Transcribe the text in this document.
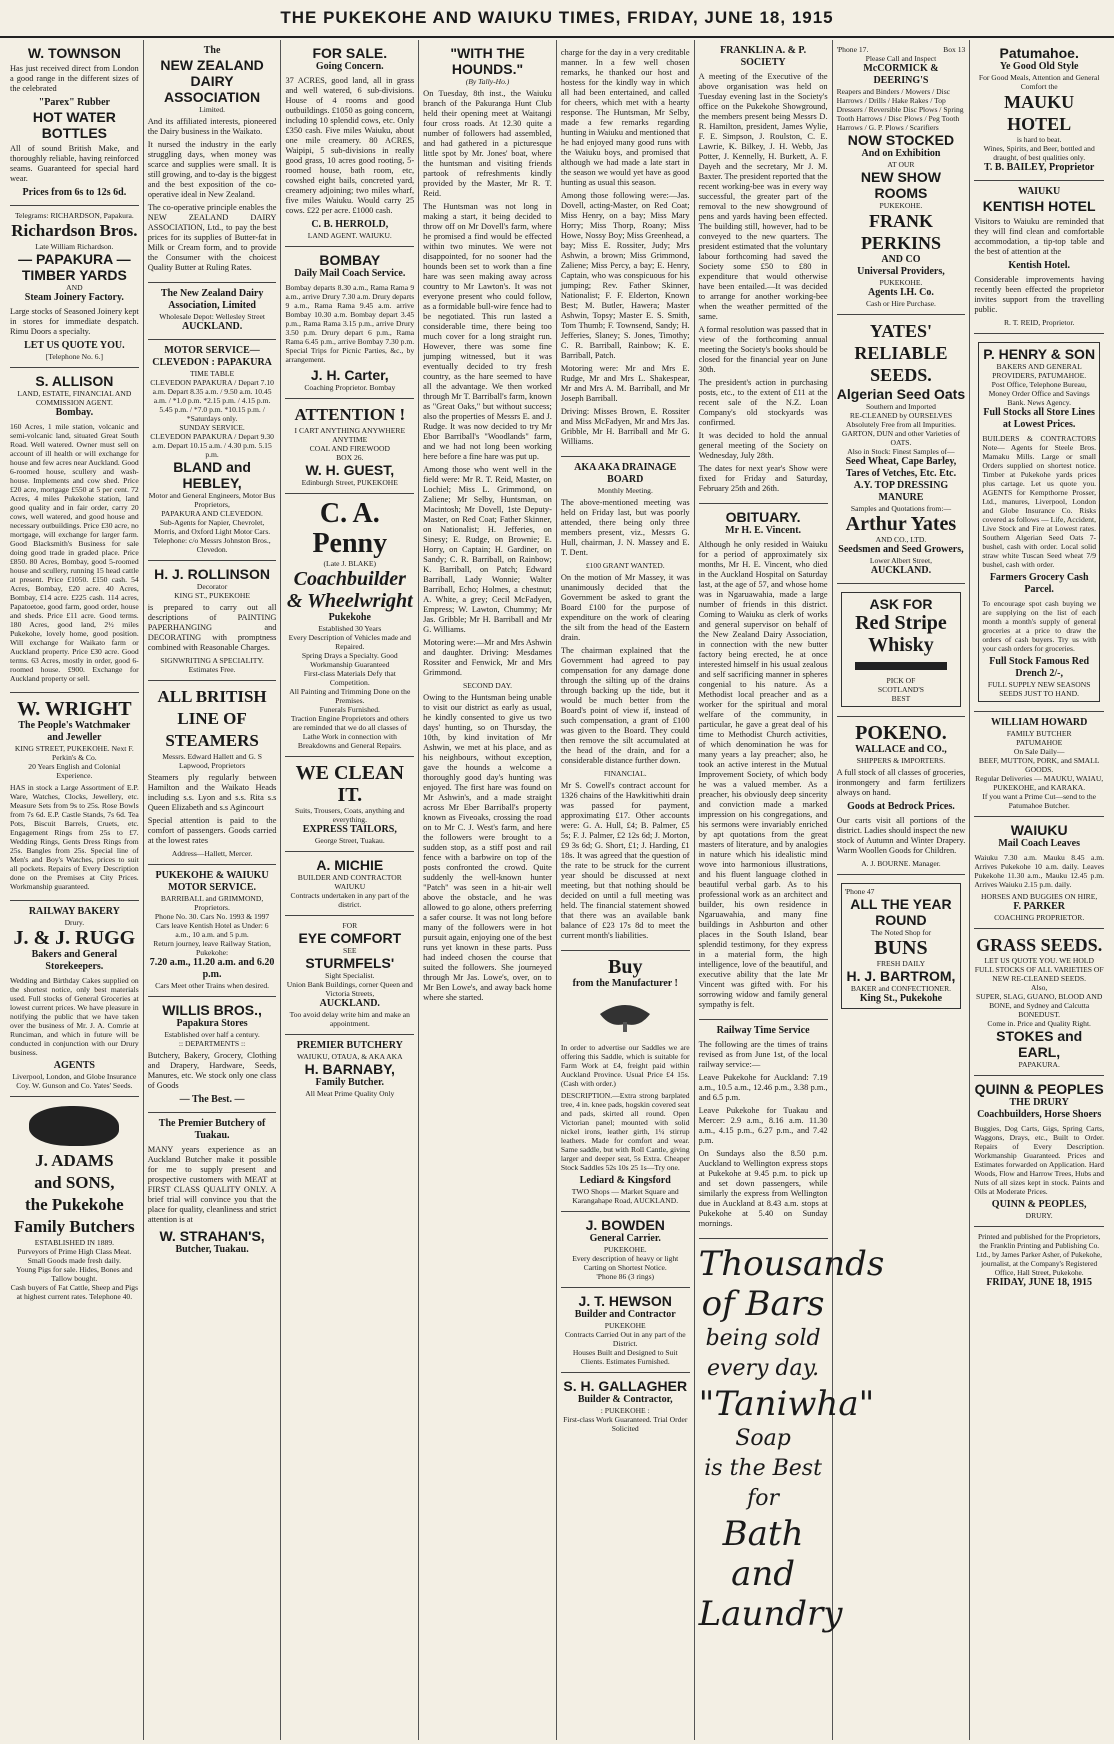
THE PUKEKOHE AND WAIUKU TIMES, FRIDAY, JUNE 18, 1915
W. TOWNSON
Has just received direct from London a good range in the different sizes of the celebrated
"Parex" Rubber
HOT WATER BOTTLES
All of sound British Make, and thoroughly reliable, having reinforced seams. Guaranteed for special hard wear.
Prices from 6s to 12s 6d.
Telegrams: RICHARDSON, Papakura.
Richardson Bros.
Late William Richardson.
— PAPAKURA —
TIMBER YARDS
AND
Steam Joinery Factory.
Large stocks of Seasoned Joinery kept in stores for immediate despatch. Rimu Doors a specialty.
LET US QUOTE YOU.
[Telephone No. 6.]
S. ALLISON
LAND, ESTATE, FINANCIAL AND COMMISSION AGENT.
Bombay.
160 Acres, 1 mile station, volcanic and semi-volcanic land, situated Great South Road. Well watered. Owner must sell on account of ill health or will exchange for house and few acres near Auckland. Good 6-roomed house, scullery and wash-house. Implements and cow shed. Price £20 acre, mortgage £550 at 5 per cent. 72 Acres, 4 miles Pukekohe station, land good quality and in fair order, carry 20 cows, well watered, and good house and necessary outbuildings. Price £30 acre, no mortgage, will exchange for larger farm. Good Blacksmith's Business for sale doing good trade in graded place. Price £850. 80 Acres, Bombay, good 5-roomed house and scullery, running 15 head cattle at present. Price £1050. £150 cash. 54 Acres, Bombay, £20 acre. 40 Acres, Bombay, £14 acre. £225 cash. 114 acres, Papatoetoe, good farm, good order, house and sheds. Price £11 acre. Good terms. 180 Acres, good land, 2½ miles Pukekohe, lovely home, good position. Will exchange for Waikato farm or Auckland property. Price £30 acre. Good terms. 63 Acres, mostly in order, good 6-roomed house. £900. Exchange for Auckland property or sell.
W. WRIGHT
The People's Watchmaker and Jeweller
KING STREET, PUKEKOHE. Next F. Perkin's & Co.
20 Years English and Colonial Experience.
HAS in stock a Large Assortment of E.P. Ware, Watches, Clocks, Jewellery, etc. Measure Sets from 9s to 25s. Rose Bowls from 7s 6d. E.P. Castle Stands, 7s 6d. Tea Pots, Biscuit Barrels, Cruets, etc. Engagement Rings from 25s to £7. Wedding Rings, Gents Dress Rings from 25s. Bangles from 25s. Special line of Men's and Boy's Watches, prices to suit all pockets. Repairs of Every Description done on the Premises at City Prices. Workmanship guaranteed.
RAILWAY BAKERY
Drury.
J. & J. RUGG
Bakers and General Storekeepers.
Wedding and Birthday Cakes supplied on the shortest notice, only best materials used. Full stocks of General Groceries at lowest current prices. We have pleasure in notifying the public that we have taken over the business of Mr. J. A. Comrie at Runciman, and which in future will be conducted in conjunction with our Drury business.
AGENTS
Liverpool, London, and Globe Insurance Coy. W. Gunson and Co. Yates' Seeds.
J. ADAMS
and SONS,
the Pukekohe
Family Butchers
ESTABLISHED IN 1889.
Purveyors of Prime High Class Meat.
Small Goods made fresh daily.
Young Pigs for sale. Hides, Bones and Tallow bought.
Cash buyers of Fat Cattle, Sheep and Pigs at highest current rates. Telephone 40.
The
NEW ZEALAND DAIRY ASSOCIATION
Limited.
And its affiliated interests, pioneered the Dairy business in the Waikato.
It nursed the industry in the early struggling days, when money was scarce and supplies were small. It is still growing, and to-day is the biggest and the best exposition of the co-operative ideal in New Zealand.
The co-operative principle enables the NEW ZEALAND DAIRY ASSOCIATION, Ltd., to pay the best prices for its supplies of Butter-fat in Milk or Cream form, and to provide the Consumer with the choicest Quality Butter at Ruling Rates.
The New Zealand Dairy Association, Limited
Wholesale Depot: Wellesley Street
AUCKLAND.
MOTOR SERVICE—
CLEVEDON : PAPAKURA
TIME TABLE
CLEVEDON PAPAKURA / Depart 7.10 a.m. Depart 8.35 a.m. / 9.50 a.m. 10.45 a.m. / *1.0 p.m. *2.15 p.m. / 4.15 p.m. 5.45 p.m. / *7.0 p.m. *10.15 p.m. / *Saturdays only.
SUNDAY SERVICE.
CLEVEDON PAPAKURA / Depart 9.30 a.m. Depart 10.15 a.m. / 4.30 p.m. 5.15 p.m.
BLAND and HEBLEY,
Motor and General Engineers, Motor Bus Proprietors,
PAPAKURA AND CLEVEDON.
Sub-Agents for Napier, Chevrolet, Morris, and Oxford Light Motor Cars.
Telephone: c/o Messrs Johnston Bros., Clevedon.
H. J. ROLLINSON
Decorator
KING ST., PUKEKOHE
is prepared to carry out all descriptions of PAINTING PAPERHANGING and DECORATING with promptness combined with Reasonable Charges.
SIGNWRITING A SPECIALITY.
Estimates Free.
ALL BRITISH LINE OF STEAMERS
Messrs. Edward Hallett and G. S Lapwood, Proprietors
Steamers ply regularly between Hamilton and the Waikato Heads including s.s. Lyon and s.s. Rita s.s Queen Elizabeth and s.s Agincourt
Special attention is paid to the comfort of passengers. Goods carried at the lowest rates
Address—Hallett, Mercer.
PUKEKOHE & WAIUKU MOTOR SERVICE.
BARRIBALL and GRIMMOND, Proprietors.
Phone No. 30. Cars No. 1993 & 1997
Cars leave Kentish Hotel as Under: 6 a.m., 10 a.m. and 5 p.m.
Return journey, leave Railway Station, Pukekohe:
7.20 a.m., 11.20 a.m. and 6.20 p.m.
Cars Meet other Trains when desired.
WILLIS BROS.,
Papakura Stores
Established over half a century.
:: DEPARTMENTS ::
Butchery, Bakery, Grocery, Clothing and Drapery, Hardware, Seeds, Manures, etc. We stock only one class of Goods
— The Best. —
The Premier Butchery of Tuakau.
MANY years experience as an Auckland Butcher make it possible for me to supply present and prospective customers with MEAT at FIRST CLASS QUALITY ONLY. A brief trial will convince you that the place for quality, cleanliness and strict attention is at
W. STRAHAN'S,
Butcher, Tuakau.
FOR SALE.
Going Concern.
37 ACRES, good land, all in grass and well watered, 6 sub-divisions. House of 4 rooms and good outbuildings. £1050 as going concern, including 10 splendid cows, etc. Only £350 cash. Five miles Waiuku, about one mile creamery. 80 ACRES, Waipipi, 5 sub-divisions in really good grass, 10 acres good rooting, 5-roomed house, bath room, etc, cowshed eight bails, concreted yard, creamery adjoining; two miles wharf, five miles Waiuku. Would carry 25 cows. £22 per acre. £1000 cash.
C. B. HERROLD,
LAND AGENT. WAIUKU.
BOMBAY
Daily Mail Coach Service.
Bombay departs 8.30 a.m., Rama Rama 9 a.m., arrive Drury 7.30 a.m. Drury departs 9 a.m., Rama Rama 9.45 a.m. arrive Bombay 10.30 a.m. Bombay depart 3.45 p.m., Rama Rama 3.15 p.m., arrive Drury 3.50 p.m. Drury depart 6 p.m., Rama Rama 6.45 p.m., arrive Bombay 7.30 p.m. Special Trips for Picnic Parties, &c., by arrangement.
J. H. Carter,
Coaching Proprietor. Bombay
ATTENTION !
I CART ANYTHING ANYWHERE ANYTIME
COAL AND FIREWOOD
BOX 26.
W. H. GUEST,
Edinburgh Street, PUKEKOHE
C. A. Penny
(Late J. BLAKE)
Coachbuilder
& Wheelwright
Pukekohe
Established 30 Years
Every Description of Vehicles made and Repaired.
Spring Drays a Specialty. Good Workmanship Guaranteed
First-class Materials Defy that Competition.
All Painting and Trimming Done on the Premises.
Funerals Furnished.
Traction Engine Proprietors and others are reminded that we do all classes of Lathe Work in connection with Breakdowns and General Repairs.
WE CLEAN IT.
Suits, Trousers, Coats, anything and everything.
EXPRESS TAILORS,
George Street, Tuakau.
A. MICHIE
BUILDER AND CONTRACTOR WAIUKU
Contracts undertaken in any part of the district.
FOR
EYE COMFORT
SEE
STURMFELS'
Sight Specialist.
Union Bank Buildings, corner Queen and Victoria Streets,
AUCKLAND.
Too avoid delay write him and make an appointment.
PREMIER BUTCHERY
WAIUKU, OTAUA, & AKA AKA
H. BARNABY,
Family Butcher.
All Meat Prime Quality Only
"WITH THE HOUNDS."
(By Tally-Ho.)
On Tuesday, 8th inst., the Waiuku branch of the Pakuranga Hunt Club held their opening meet at Waitangi four cross roads. At 12.30 quite a number of followers had assembled, and had gathered in a picturesque little spot by Mr. Jones' boat, where the huntsman and visiting friends partook of refreshments kindly provided by the Master, Mr R. T. Reid.
The Huntsman was not long in making a start, it being decided to throw off on Mr Dovell's farm, where he promised a find would be effected within two minutes. We were not disappointed, for no sooner had the hounds been set to work than a fine hare was seen making away across country to Mr Lawton's. It was not everyone present who could follow, as a formidable bull-wire fence had to be negotiated. This run lasted a considerable time, there being too much cover for a long straight run. However, there was some fine jumping witnessed, but it was eventually decided to try fresh country, as the hare seemed to have all the advantage. We then worked through Mr T. Barriball's farm, known as "Great Oaks," but without success; also the properties of Messrs E. and J. Rudge. It was now decided to try Mr Ebor Barriball's "Woodlands" farm, and we had not long been working here before a fine hare was put up.
Among those who went well in the field were: Mr R. T. Reid, Master, on Lochiel; Miss L. Grimmond, on Zaliene; Mr Selby, Huntsman, on Macintosh; Mr Dovell, 1ste Deputy-Master, on Red Coat; Father Skinner, on Nationalist; H. Jefferies, on Sinesy; E. Rudge, on Brownie; E. Horry, on Captain; H. Gardiner, on Sandy; C. R. Barriball, on Rainbow; K. Barriball, on Patch; Edward Barriball, Lady Wonnie; Walter Barriball, Echo; Holmes, a chestnut; A. White, a grey; Cecil McFadyen, Empress; W. Lawton, Chummy; Mr Jas. Gribble; Mr H. Barriball and Mr G. Williams.
Motoring were:—Mr and Mrs Ashwin and daughter. Driving: Mesdames Rossiter and Fenwick, Mr and Mrs Grimmond.
SECOND DAY.
Owing to the Huntsman being unable to visit our district as early as usual, he kindly consented to give us two days' hunting, so on Thursday, the 10th, by kind invitation of Mr Ashwin, we met at his place, and as his neighbours, without exception, gave the hounds a welcome a thoroughly good day's hunting was enjoyed. The first hare was found on Mr Ashwin's, and a made straight across Mr Eber Barriball's property known as Fiveoaks, crossing the road on to Mr C. J. West's farm, and here the followers were brought to a sudden stop, as a stiff post and rail fence with a barbwire on top of the posts confronted the crowd. Quite suddenly the well-known hunter "Patch" was seen in a hit-air well above the obstacle, and he was allowed to go alone, others preferring a safer course. It was not long before many of the followers were in hot pursuit again, enjoying one of the best runs yet known in these parts. Puss had indeed chosen the course that suited the followers. She journeyed through Mr Jas. Lowe's, over, on to Mr Ben Lowe's, and away back home where she started.
charge for the day in a very creditable manner. In a few well chosen remarks, he thanked our host and hostess for the kindly way in which all had been entertained, and called for cheers, which met with a hearty response. The Huntsman, Mr Selby, made a few remarks regarding hunting in Waiuku and mentioned that he had enjoyed many good runs with the Waiuku boys, and promised that although we had made a late start in the season we would yet have as good hunting as usual this season.
Among those following were:—Jas. Dovell, acting-Master, on Red Coat; Miss Henry, on a bay; Miss Mary Horry; Miss Thorp, Roany; Miss Howe, Nossy Boy; Miss Greenhead, a bay; Miss E. Rossiter, Judy; Mrs Ashwin, a brown; Miss Grimmond, Zaliene; Miss Percy, a bay; E. Henry, Captain, who was conspicuous for his jumping; Rev. Father Skinner, Nationalist; F. F. Elderton, Known Best; M. Butler, Hawera; Master Ashwin, Topsy; Master E. S. Smith, Tom Thumb; F. Townsend, Sandy; H. Jefferies, Slaney; S. Jones, Timothy; C. R. Barriball, Rainbow; K. E. Barriball, Patch.
Motoring were: Mr and Mrs E. Rudge, Mr and Mrs L. Shakespear, Mr and Mrs A. M. Barriball, and Mr Joseph Barriball.
Driving: Misses Brown, E. Rossiter and Miss McFadyen, Mr and Mrs Jas. Gribble, Mr H. Barriball and Mr G. Williams.
AKA AKA DRAINAGE BOARD
Monthly Meeting.
The above-mentioned meeting was held on Friday last, but was poorly attended, there being only three members present, viz., Messrs G. Hull, chairman, J. N. Massey and E. T. Dent.
£100 GRANT WANTED.
On the motion of Mr Massey, it was unanimously decided that the Government be asked to grant the Board £100 for the purpose of expenditure on the work of clearing the silt from the head of the Eastern drain.
The chairman explained that the Government had agreed to pay compensation for any damage done through the silting up of the drains through backing up the tide, but it would be much better from the Board's point of view if, instead of such compensation, a grant of £100 was given to the Board. They could then remove the silt accumulated at the head of the drain, and for a considerable distance further down.
FINANCIAL.
Mr S. Cowell's contract account for 1326 chains of the Hawkitiwhiti drain was passed for payment, approximating £17. Other accounts were: G. A. Hull, £4; B. Palmer, £5 5s; F. J. Palmer, £2 12s 6d; J. Morton, £9 3s 6d; G. Short, £1; J. Harding, £1 18s. It was agreed that the question of the rate to be struck for the current year should be discussed at next meeting, but that nothing should be decided on until a full meeting was held. The financial statement showed that there was an available bank balance of £23 17s 8d to meet the current month's liabilities.
Buy
from the Manufacturer !
In order to advertise our Saddles we are offering this Saddle, which is suitable for Farm Work at £4, freight paid within Auckland Province. Usual Price £4 15s. (Cash with order.)
DESCRIPTION.—Extra strong barplated tree, 4 in. knee pads, hogskin covered seat and pads, skirted all round. Open Victorian panel; mounted with solid nickel irons, leather girth, 1¼ stirrup leathers. Made for comfort and wear. Same saddle, but with Roll Cantle, giving larger and deeper seat, 5s Extra. Cheaper Stock Saddles 52s 10s 25 1s—Try one.
Lediard & Kingsford
TWO Shops — Market Square and Karangahape Road, AUCKLAND.
J. BOWDEN
General Carrier.
PUKEKOHE.
Every description of heavy or light Carting on Shortest Notice.
'Phone 86 (3 rings)
J. T. HEWSON
Builder and Contractor
PUKEKOHE
Contracts Carried Out in any part of the District.
Houses Built and Designed to Suit Clients. Estimates Furnished.
S. H. GALLAGHER
Builder & Contractor,
: PUKEKOHE :
First-class Work Guaranteed. Trial Order Solicited
FRANKLIN A. & P. SOCIETY
A meeting of the Executive of the above organisation was held on Tuesday evening last in the Society's office on the Pukekohe Showground, the members present being Messrs D. R. Hamilton, president, James Wylie, F. E. Simpson, J. Roulston, C. E. Lawrie, K. Bilkey, J. H. Webb, Jas Potter, J. Kennelly, H. Burkett, A. F. Dayeh and the secretary, Mr J. M. Baxter. The president reported that the recent working-bee was in every way successful, the greater part of the removal to the new showground of pens and yards having been effected. The building still, however, had to be conveyed to the new quarters. The president estimated that the voluntary labour forthcoming had saved the Society some £50 to £80 in expenditure that would otherwise have been entailed.—It was decided to arrange for another working-bee when the weather permitted of the same.
A formal resolution was passed that in view of the forthcoming annual meeting the Society's books should be closed for the financial year on June 30th.
The president's action in purchasing posts, etc., to the extent of £11 at the recent sale of the N.Z. Loan Company's old stockyards was confirmed.
It was decided to hold the annual general meeting of the Society on Wednesday, July 28th.
The dates for next year's Show were fixed for Friday and Saturday, February 25th and 26th.
OBITUARY.
Mr H. E. Vincent.
Although he only resided in Waiuku for a period of approximately six months, Mr H. E. Vincent, who died in the Auckland Hospital on Saturday last, at the age of 57, and whose home was in Ngaruawahia, made a large number of friends in this district. Coming to Waiuku as clerk of works and general supervisor on behalf of the New Zealand Dairy Association, in connection with the new butter factory being erected, he at once interested himself in his usual zealous and self sacrificing manner in spheres congenial to his nature. As a Methodist local preacher and as a worker for the spiritual and moral welfare of the community, in particular, he gave a great deal of his time to Methodist Church activities, of which denomination he was for many years a lay preacher; also, he took an active interest in the Mutual Improvement Society, of which body he was a valued member. As a preacher, his obviously deep sincerity and conviction made a marked impression on his congregations, and his sermons were invariably enriched by apt quotations from the great masters of literature, and by analogies in nature which his idealistic mind wove into harmonious illustrations, and his fluent language clothed in beautiful verbal garb. As to his professional work as an architect and builder, his own residence in Ngaruawahia, and many fine buildings in Ashburton and other places in the South Island, bear splendid testimony, for they express in a material form, the high intelligence, love of the beautiful, and executive ability that the late Mr Vincent was gifted with. For his sorrowing widow and family general sympathy is felt.
Railway Time Service
The following are the times of trains revised as from June 1st, of the local railway service:—
Leave Pukekohe for Auckland: 7.19 a.m., 10.5 a.m., 12.46 p.m., 3.38 p.m., and 6.5 p.m.
Leave Pukekohe for Tuakau and Mercer: 2.9 a.m., 8.16 a.m. 11.30 a.m., 4.15 p.m., 6.27 p.m., and 7.42 p.m.
On Sundays also the 8.50 p.m. Auckland to Wellington express stops at Pukekohe at 9.45 p.m. to pick up and set down passengers, while similarly the express from Wellington due in Auckland at 8.43 a.m. stops at Pukekohe at 5.40 on Sunday mornings.
Thousands
of Bars
being sold
every day.
"Taniwha"
Soap
is the Best for
Bath and
Laundry
'Phone 17.	Box 13
Please Call and Inspect
McCORMICK & DEERING'S
Reapers and Binders / Mowers / Disc Harrows / Drills / Hake Rakes / Top Dressers / Reversible Disc Plows / Spring Tooth Harrows / Disc Plows / Peg Tooth Harrows / G. P. Plows / Scarifiers
NOW STOCKED
And on Exhibition
AT OUR
NEW SHOW ROOMS
PUKEKOHE.
FRANK PERKINS
AND CO
Universal Providers,
PUKEKOHE.
Agents I.H. Co.
Cash or Hire Purchase.
YATES' RELIABLE SEEDS.
Algerian Seed Oats
Southern and Imported
RE-CLEANED by OURSELVES Absolutely Free from all Impurities.
GARTON, DUN and other Varieties of OATS.
Also in Stock: Finest Samples of—
Seed Wheat, Cape Barley, Tares of Vetches, Etc. Etc. A.Y. TOP DRESSING MANURE
Samples and Quotations from:—
Arthur Yates
AND CO., LTD.
Seedsmen and Seed Growers,
Lower Albert Street,
AUCKLAND.
ASK FOR
Red Stripe
Whisky
PICK OF
SCOTLAND'S
BEST
POKENO.
WALLACE and CO.,
SHIPPERS & IMPORTERS.
A full stock of all classes of groceries, ironmongery and farm fertilizers always on hand.
Goods at Bedrock Prices.
Our carts visit all portions of the district. Ladies should inspect the new stock of Autumn and Winter Drapery. Warm Woollen Goods for Children.
A. J. BOURNE. Manager.
'Phone 47
ALL THE YEAR ROUND
The Noted Shop for
BUNS
FRESH DAILY
H. J. BARTROM,
BAKER and CONFECTIONER.
King St., Pukekohe
Patumahoe.
Ye Good Old Style
For Good Meals, Attention and General Comfort the
MAUKU HOTEL
is hard to beat.
Wines, Spirits, and Beer, bottled and draught, of best qualities only.
T. B. BAILEY, Proprietor
WAIUKU
KENTISH HOTEL
Visitors to Waiuku are reminded that they will find clean and comfortable accommodation, a tip-top table and the best of attention at the
Kentish Hotel.
Considerable improvements having recently been effected the proprietor invites support from the travelling public.
R. T. REID, Proprietor.
P. HENRY & SON
BAKERS AND GENERAL PROVIDERS, PATUMAHOE.
Post Office, Telephone Bureau, Money Order Office and Savings Bank. News Agency.
Full Stocks all Store Lines at Lowest Prices.
BUILDERS & CONTRACTORS Note— Agents for Steele Bros. Mamaku Mills. Large or small Orders supplied on shortest notice. Timber at Pukekohe yards prices plus cartage. Let us quote you. AGENTS for Kempthorne Prosser, Ltd., manures, Liverpool, London and Globe Insurance Co. Risks covered as follows — Life, Accident, Live Stock and Fire at Lowest rates. Southern Algerian Seed Oats 7-bushel, cash with order. Local solid straw white Tuscan Seed wheat 7/9 bushel, cash with order.
Farmers Grocery Cash Parcel.
To encourage spot cash buying we are supplying on the list of each month a month's supply of general groceries at a price to draw the orders of cash buyers. Try us with your cash orders for groceries.
Full Stock Famous Red Drench 2/-,
FULL SUPPLY NEW SEASONS SEEDS JUST TO HAND.
WILLIAM HOWARD
FAMILY BUTCHER
PATUMAHOE
On Sale Daily—
BEEF, MUTTON, PORK, and SMALL GOODS.
Regular Deliveries — MAUKU, WAIAU, PUKEKOHE, and KARAKA.
If you want a Prime Cut—send to the Patumahoe Butcher.
WAIUKU
Mail Coach Leaves
Waiuku 7.30 a.m. Mauku 8.45 a.m. Arrives Pukekohe 10 a.m. daily. Leaves Pukekohe 11.30 a.m., Mauku 12.45 p.m. Arrives Waiuku 2.15 p.m. daily.
HORSES AND BUGGIES ON HIRE,
F. PARKER
COACHING PROPRIETOR.
GRASS SEEDS.
LET US QUOTE YOU. WE HOLD FULL STOCKS OF ALL VARIETIES OF NEW RE-CLEANED SEEDS.
Also,
SUPER, SLAG, GUANO, BLOOD AND BONE, and Sydney and Calcutta BONEDUST.
Come in. Price and Quality Right.
STOKES and EARL,
PAPAKURA.
QUINN & PEOPLES
THE DRURY
Coachbuilders, Horse Shoers
Buggies, Dog Carts, Gigs, Spring Carts, Waggons, Drays, etc., Built to Order. Repairs of Every Description. Workmanship Guaranteed. Prices and Estimates forwarded on Application. Hard Woods, Flow and Harrow Trees, Hubs and Nuts of all sizes kept in stock. Paints and Oils at Moderate Prices.
QUINN & PEOPLES,
DRURY.
Printed and published for the Proprietors, the Franklin Printing and Publishing Co. Ltd., by James Parker Asher, of Pukekohe, journalist, at the Company's Registered Office, Hall Street, Pukekohe.
FRIDAY, JUNE 18, 1915
